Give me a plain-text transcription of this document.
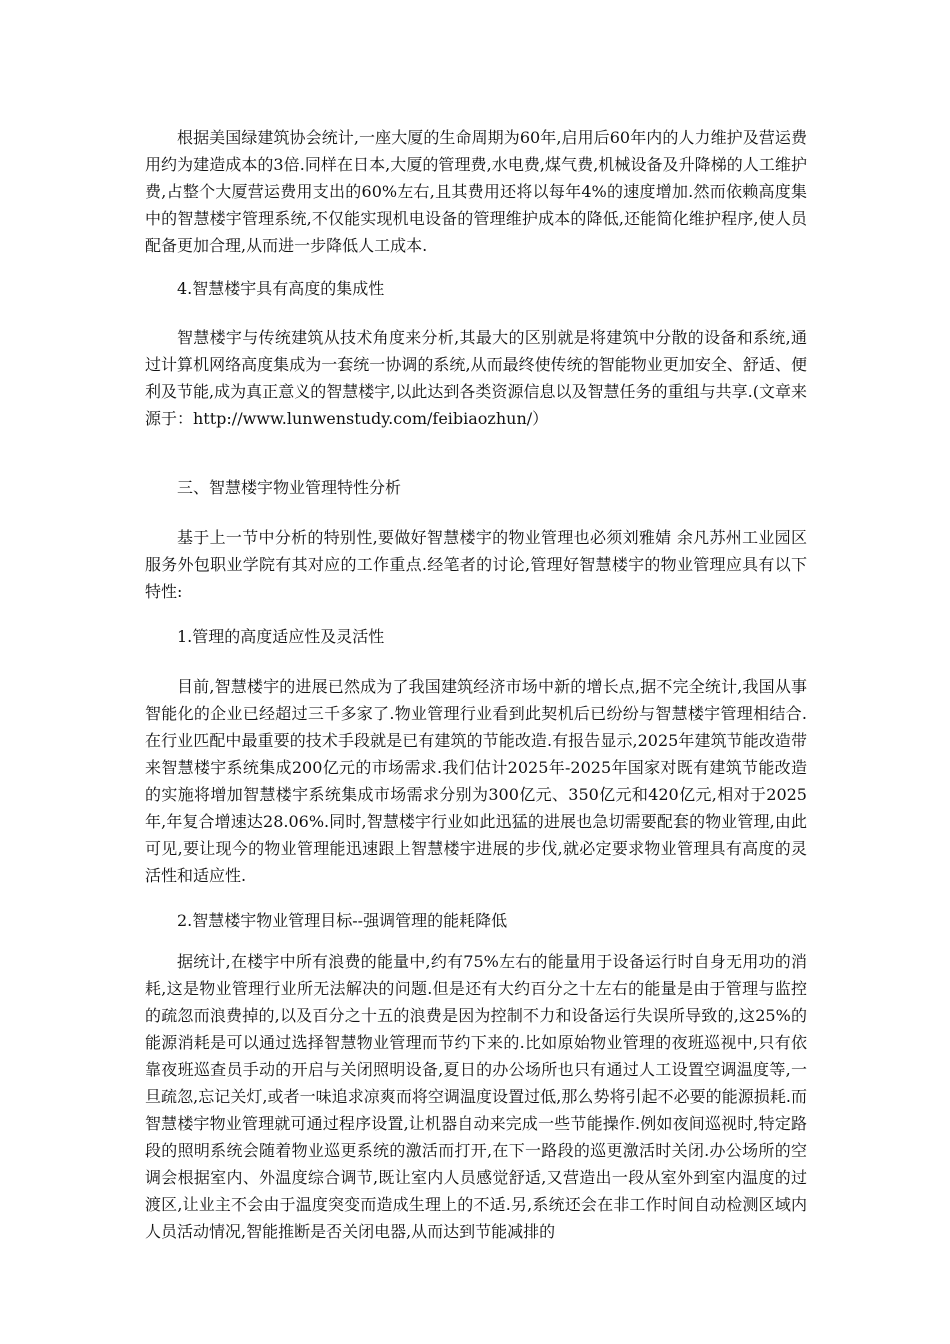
根据美国绿建筑协会统计,一座大厦的生命周期为60年,启用后60年内的人力维护及营运费用约为建造成本的3倍.同样在日本,大厦的管理费,水电费,煤气费,机械设备及升降梯的人工维护费,占整个大厦营运费用支出的60%左右,且其费用还将以每年4%的速度增加.然而依赖高度集中的智慧楼宇管理系统,不仅能实现机电设备的管理维护成本的降低,还能简化维护程序,使人员配备更加合理,从而进一步降低人工成本.

4.智慧楼宇具有高度的集成性

智慧楼宇与传统建筑从技术角度来分析,其最大的区别就是将建筑中分散的设备和系统,通过计算机网络高度集成为一套统一协调的系统,从而最终使传统的智能物业更加安全、舒适、便利及节能,成为真正意义的智慧楼宇,以此达到各类资源信息以及智慧任务的重组与共享.(文章来源于：http://www.lunwenstudy.com/feibiaozhun/）

三、智慧楼宇物业管理特性分析

基于上一节中分析的特别性,要做好智慧楼宇的物业管理也必须刘雅婧 余凡苏州工业园区服务外包职业学院有其对应的工作重点.经笔者的讨论,管理好智慧楼宇的物业管理应具有以下特性:

1.管理的高度适应性及灵活性

目前,智慧楼宇的进展已然成为了我国建筑经济市场中新的增长点,据不完全统计,我国从事智能化的企业已经超过三千多家了.物业管理行业看到此契机后已纷纷与智慧楼宇管理相结合.在行业匹配中最重要的技术手段就是已有建筑的节能改造.有报告显示,2025年建筑节能改造带来智慧楼宇系统集成200亿元的市场需求.我们估计2025年-2025年国家对既有建筑节能改造的实施将增加智慧楼宇系统集成市场需求分别为300亿元、350亿元和420亿元,相对于2025年,年复合增速达28.06%.同时,智慧楼宇行业如此迅猛的进展也急切需要配套的物业管理,由此可见,要让现今的物业管理能迅速跟上智慧楼宇进展的步伐,就必定要求物业管理具有高度的灵活性和适应性.

2.智慧楼宇物业管理目标--强调管理的能耗降低

据统计,在楼宇中所有浪费的能量中,约有75%左右的能量用于设备运行时自身无用功的消耗,这是物业管理行业所无法解决的问题.但是还有大约百分之十左右的能量是由于管理与监控的疏忽而浪费掉的,以及百分之十五的浪费是因为控制不力和设备运行失误所导致的,这25%的能源消耗是可以通过选择智慧物业管理而节约下来的.比如原始物业管理的夜班巡视中,只有依靠夜班巡查员手动的开启与关闭照明设备,夏日的办公场所也只有通过人工设置空调温度等,一旦疏忽,忘记关灯,或者一味追求凉爽而将空调温度设置过低,那么势将引起不必要的能源损耗.而智慧楼宇物业管理就可通过程序设置,让机器自动来完成一些节能操作.例如夜间巡视时,特定路段的照明系统会随着物业巡更系统的激活而打开,在下一路段的巡更激活时关闭.办公场所的空调会根据室内、外温度综合调节,既让室内人员感觉舒适,又营造出一段从室外到室内温度的过渡区,让业主不会由于温度突变而造成生理上的不适.另,系统还会在非工作时间自动检测区域内人员活动情况,智能推断是否关闭电器,从而达到节能减排的
